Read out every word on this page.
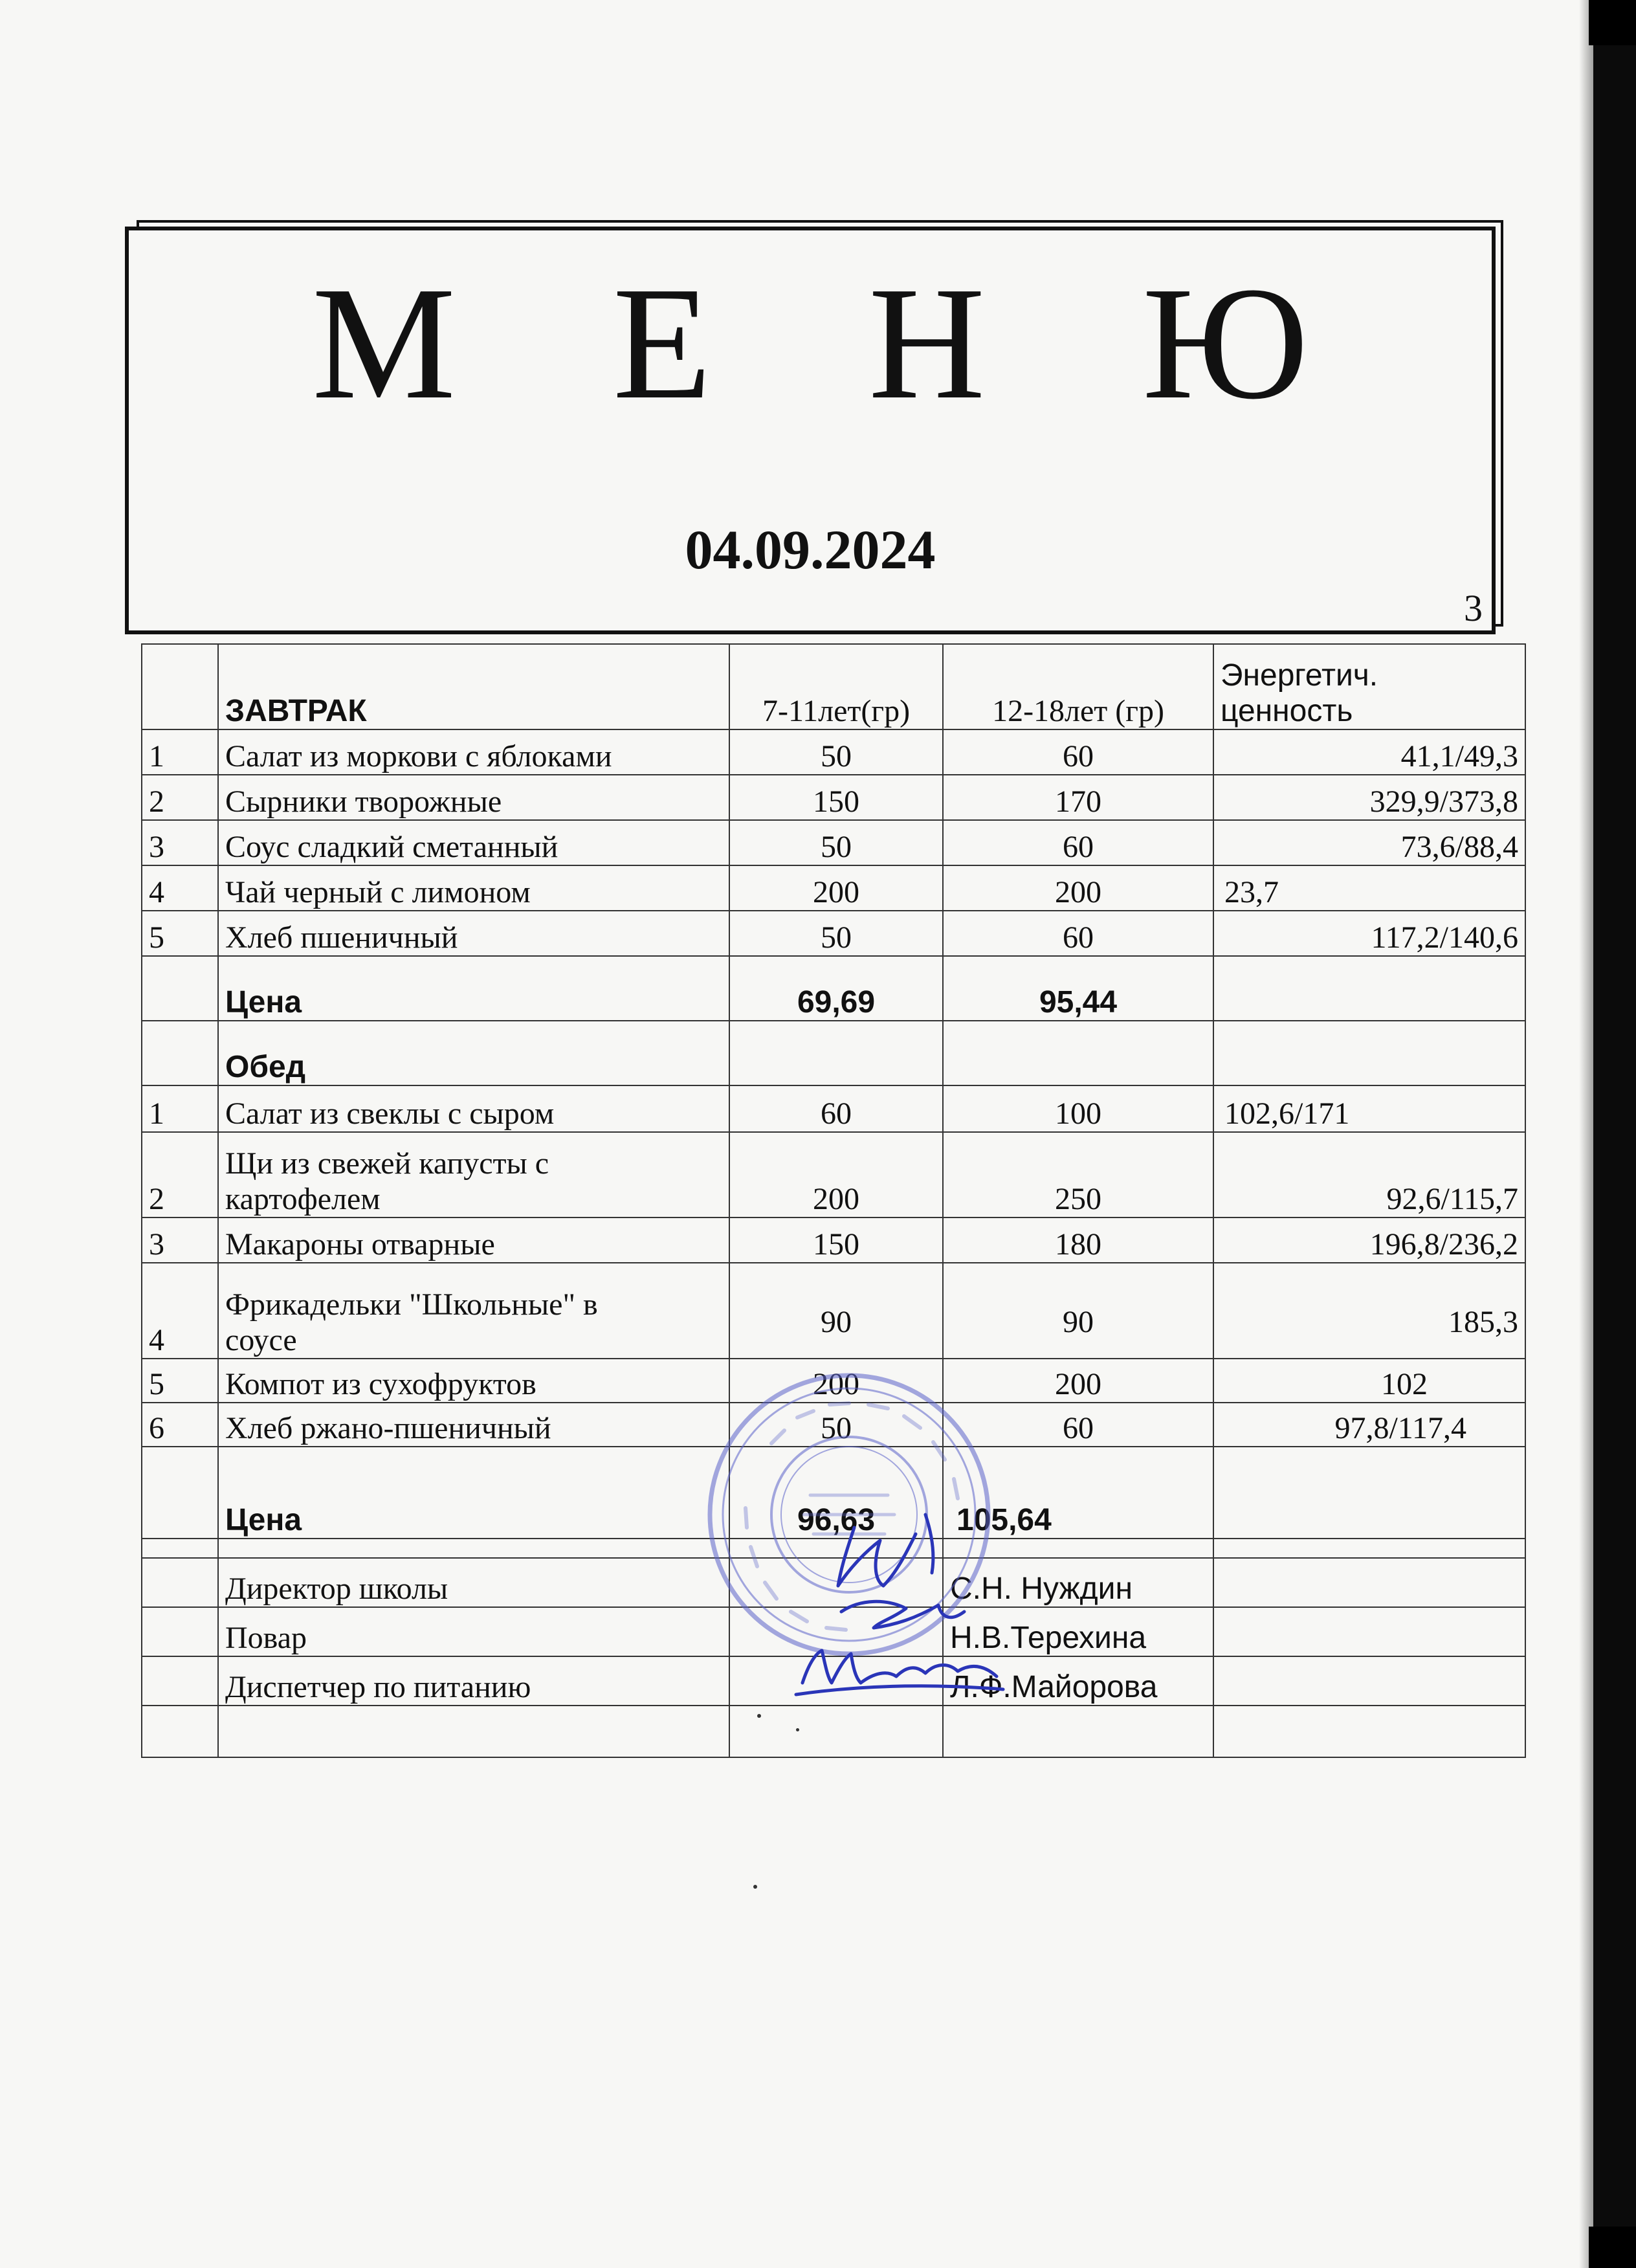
М Е Н Ю
04.09.2024
3
	ЗАВТРАК	7-11лет(гр)	12-18лет (гр)	Энергетич.
ценность

1	Салат из моркови с яблоками	50	60	41,1/49,3
2	Сырники творожные	150	170	329,9/373,8
3	Соус сладкий сметанный	50	60	73,6/88,4
4	Чай черный с лимоном	200	200	23,7
5	Хлеб пшеничный	50	60	117,2/140,6
	Цена	69,69	95,44	
	Обед			
1	Салат из свеклы с сыром	60	100	102,6/171
2	Щи из свежей капусты с
картофелем	200	250	92,6/115,7
3	Макароны отварные	150	180	196,8/236,2
4	Фрикадельки "Школьные" в
соусе	90	90	185,3
5	Компот из сухофруктов	200	200	102
6	Хлеб ржано-пшеничный	50	60	97,8/117,4
	Цена	96,63	105,64	

	Директор школы		С.Н. Нуждин	
	Повар		Н.В.Терехина	
	Диспетчер по питанию		Л.Ф.Майорова	
